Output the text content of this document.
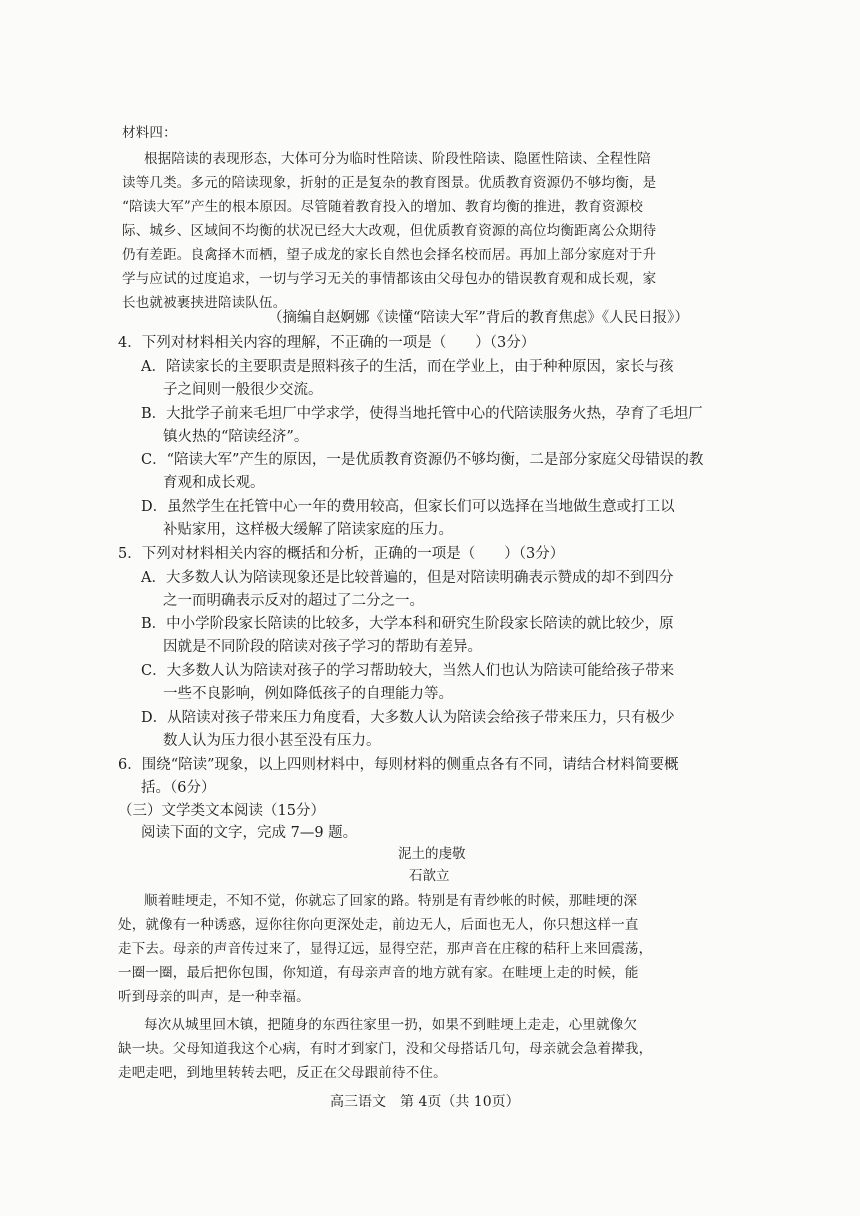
材料四：
根据陪读的表现形态，大体可分为临时性陪读、阶段性陪读、隐匿性陪读、全程性陪
读等几类。多元的陪读现象，折射的正是复杂的教育图景。优质教育资源仍不够均衡，是
“陪读大军”产生的根本原因。尽管随着教育投入的增加、教育均衡的推进，教育资源校
际、城乡、区域间不均衡的状况已经大大改观，但优质教育资源的高位均衡距离公众期待
仍有差距。良禽择木而栖，望子成龙的家长自然也会择名校而居。再加上部分家庭对于升
学与应试的过度追求，一切与学习无关的事情都该由父母包办的错误教育观和成长观，家
长也就被裹挟进陪读队伍。
（摘编自赵婀娜《读懂“陪读大军”背后的教育焦虑》《人民日报》）
4．下列对材料相关内容的理解，不正确的一项是（　　）（3分）
A．陪读家长的主要职责是照料孩子的生活，而在学业上，由于种种原因，家长与孩
子之间则一般很少交流。
B．大批学子前来毛坦厂中学求学，使得当地托管中心的代陪读服务火热，孕育了毛坦厂
镇火热的“陪读经济”。
C．“陪读大军”产生的原因，一是优质教育资源仍不够均衡，二是部分家庭父母错误的教
育观和成长观。
D．虽然学生在托管中心一年的费用较高，但家长们可以选择在当地做生意或打工以
补贴家用，这样极大缓解了陪读家庭的压力。
5．下列对材料相关内容的概括和分析，正确的一项是（　　）（3分）
A．大多数人认为陪读现象还是比较普遍的，但是对陪读明确表示赞成的却不到四分
之一而明确表示反对的超过了二分之一。
B．中小学阶段家长陪读的比较多，大学本科和研究生阶段家长陪读的就比较少，原
因就是不同阶段的陪读对孩子学习的帮助有差异。
C．大多数人认为陪读对孩子的学习帮助较大，当然人们也认为陪读可能给孩子带来
一些不良影响，例如降低孩子的自理能力等。
D．从陪读对孩子带来压力角度看，大多数人认为陪读会给孩子带来压力，只有极少
数人认为压力很小甚至没有压力。
6．围绕“陪读”现象，以上四则材料中，每则材料的侧重点各有不同，请结合材料简要概
括。（6分）
（三）文学类文本阅读（15分）
阅读下面的文字，完成 7—9 题。
泥土的虔敬
石歆立
顺着畦埂走，不知不觉，你就忘了回家的路。特别是有青纱帐的时候，那畦埂的深
处，就像有一种诱惑，逗你往你向更深处走，前边无人，后面也无人，你只想这样一直
走下去。母亲的声音传过来了，显得辽远，显得空茫，那声音在庄稼的秸秆上来回震荡，
一圈一圈，最后把你包围，你知道，有母亲声音的地方就有家。在畦埂上走的时候，能
听到母亲的叫声，是一种幸福。
每次从城里回木镇，把随身的东西往家里一扔，如果不到畦埂上走走，心里就像欠
缺一块。父母知道我这个心病，有时才到家门，没和父母搭话几句，母亲就会急着撵我，
走吧走吧，到地里转转去吧，反正在父母跟前待不住。
高三语文　第 4页（共 10页）
